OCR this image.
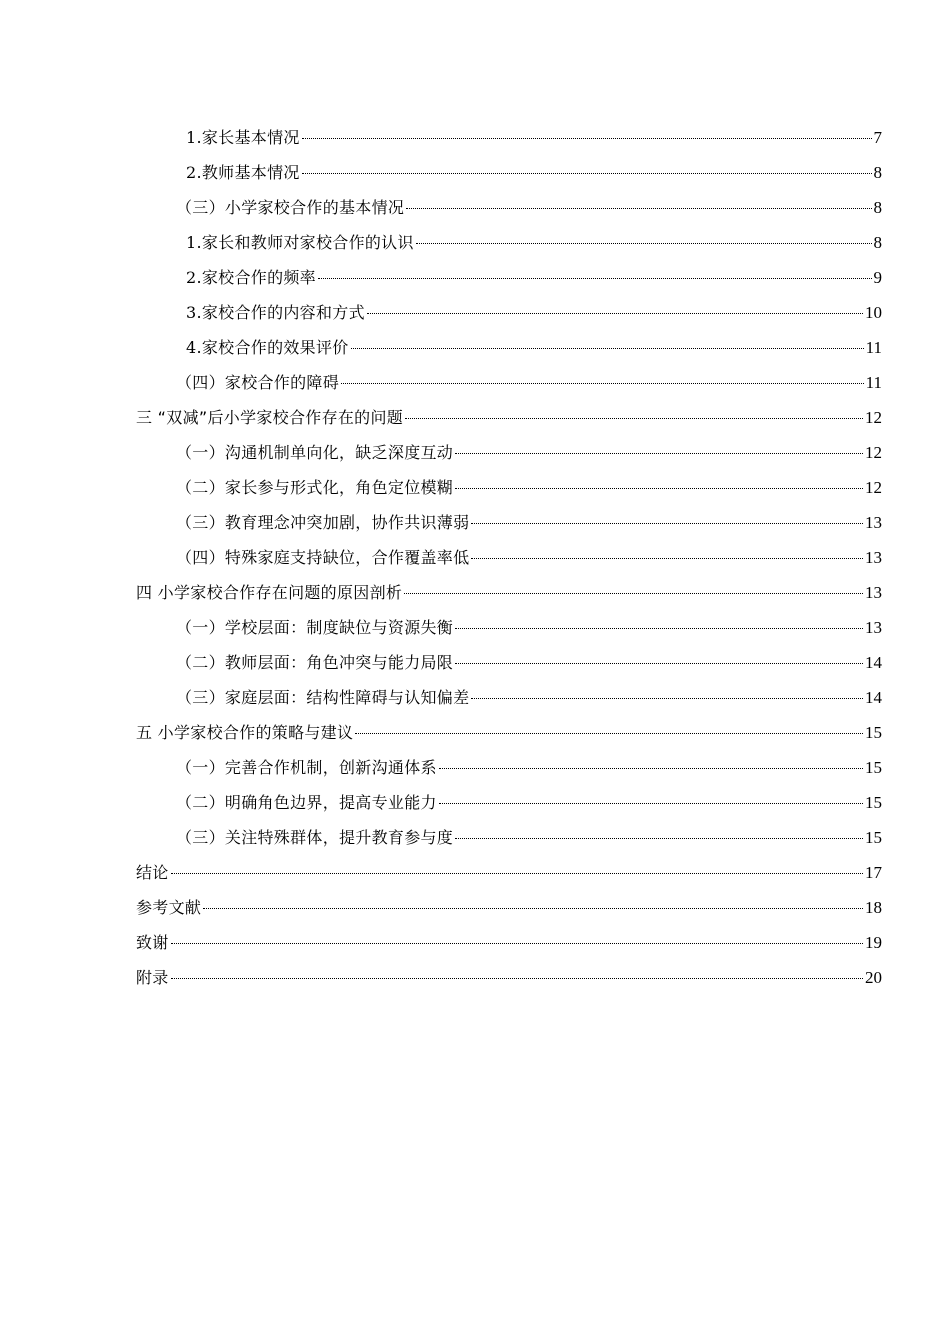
1.家长基本情况	7
2.教师基本情况	8
（三）小学家校合作的基本情况	8
1.家长和教师对家校合作的认识	8
2.家校合作的频率	9
3.家校合作的内容和方式	10
4.家校合作的效果评价	11
（四）家校合作的障碍	11
三 “双减”后小学家校合作存在的问题	12
（一）沟通机制单向化，缺乏深度互动	12
（二）家长参与形式化，角色定位模糊	12
（三）教育理念冲突加剧，协作共识薄弱	13
（四）特殊家庭支持缺位，合作覆盖率低	13
四 小学家校合作存在问题的原因剖析	13
（一）学校层面：制度缺位与资源失衡	13
（二）教师层面：角色冲突与能力局限	14
（三）家庭层面：结构性障碍与认知偏差	14
五 小学家校合作的策略与建议	15
（一）完善合作机制，创新沟通体系	15
（二）明确角色边界，提高专业能力	15
（三）关注特殊群体，提升教育参与度	15
结论	17
参考文献	18
致谢	19
附录	20
